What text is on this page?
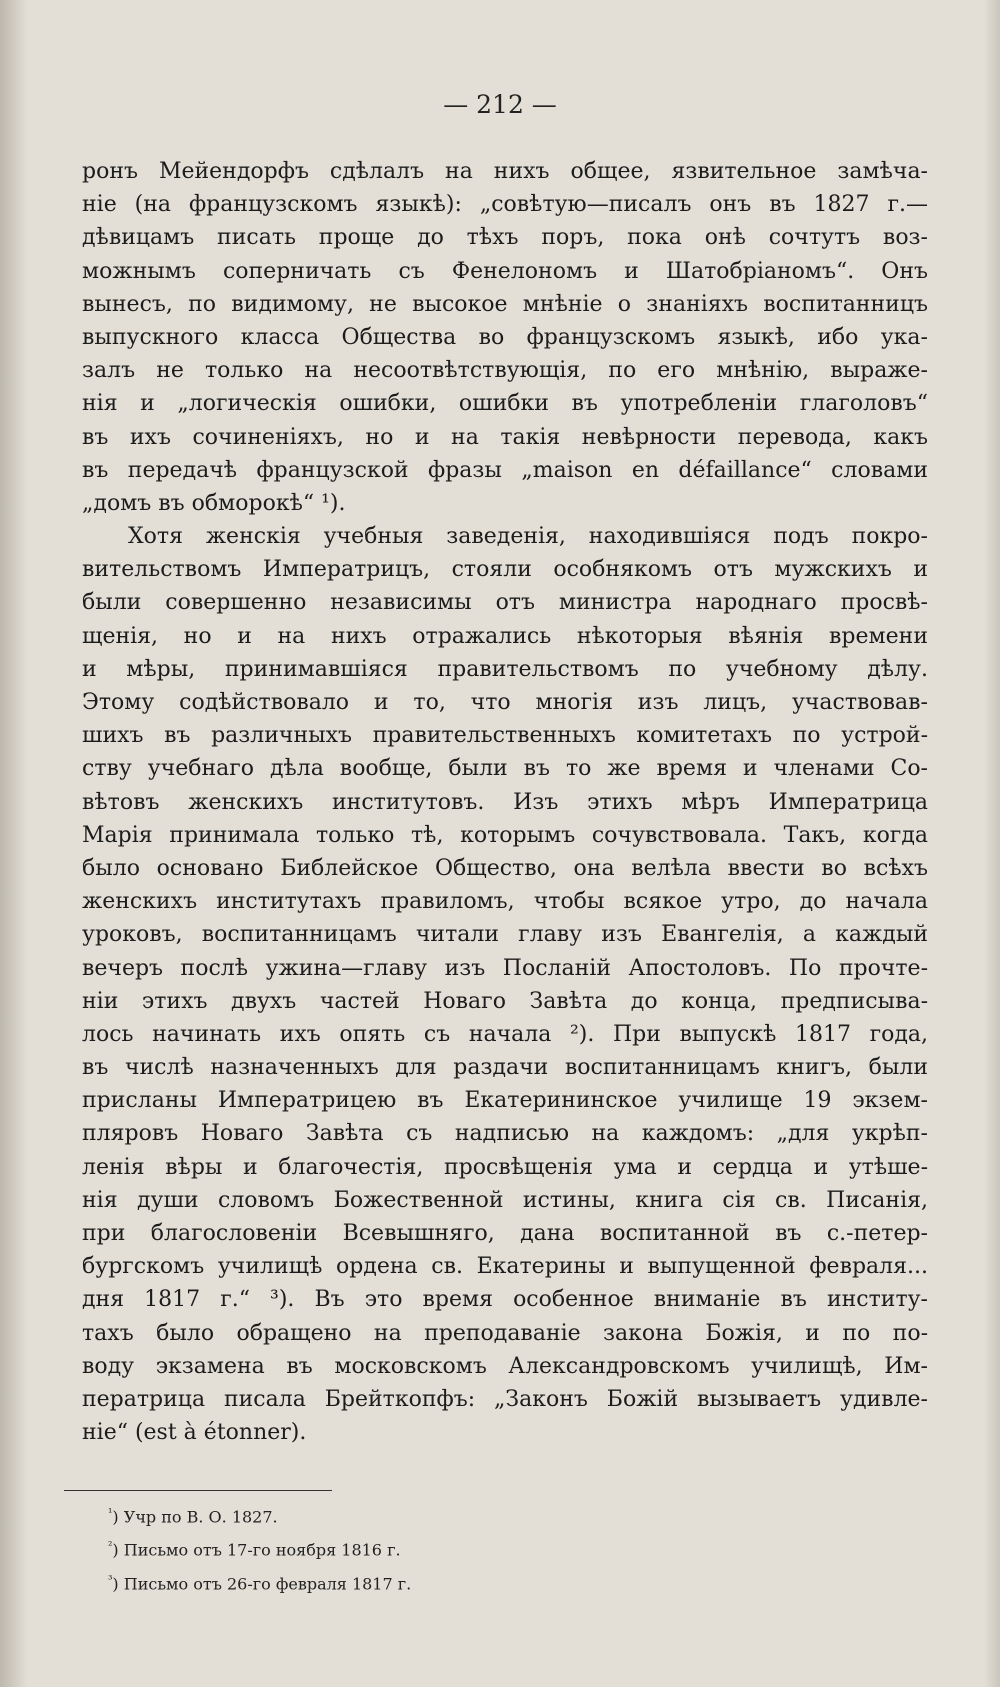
— 212 —
ронъ Мейендорфъ сдѣлалъ на нихъ общее, язвительное замѣча-
ніе (на французскомъ языкѣ): „совѣтую—писалъ онъ въ 1827 г.—
дѣвицамъ писать проще до тѣхъ поръ, пока онѣ сочтутъ воз-
можнымъ соперничать съ Фенелономъ и Шатобріаномъ“. Онъ
вынесъ, по видимому, не высокое мнѣніе о знаніяхъ воспитанницъ
выпускного класса Общества во французскомъ языкѣ, ибо ука-
залъ не только на несоотвѣтствующія, по его мнѣнію, выраже-
нія и „логическія ошибки, ошибки въ употребленіи глаголовъ“
въ ихъ сочиненіяхъ, но и на такія невѣрности перевода, какъ
въ передачѣ французской фразы „maison en défaillance“ словами
„домъ въ обморокѣ“ ¹).
Хотя женскія учебныя заведенія, находившіяся подъ покро-
вительствомъ Императрицъ, стояли особнякомъ отъ мужскихъ и
были совершенно независимы отъ министра народнаго просвѣ-
щенія, но и на нихъ отражались нѣкоторыя вѣянія времени
и мѣры, принимавшіяся правительствомъ по учебному дѣлу.
Этому содѣйствовало и то, что многія изъ лицъ, участвовав-
шихъ въ различныхъ правительственныхъ комитетахъ по устрой-
ству учебнаго дѣла вообще, были въ то же время и членами Со-
вѣтовъ женскихъ институтовъ. Изъ этихъ мѣръ Императрица
Марія принимала только тѣ, которымъ сочувствовала. Такъ, когда
было основано Библейское Общество, она велѣла ввести во всѣхъ
женскихъ институтахъ правиломъ, чтобы всякое утро, до начала
уроковъ, воспитанницамъ читали главу изъ Евангелія, а каждый
вечеръ послѣ ужина—главу изъ Посланій Апостоловъ. По прочте-
ніи этихъ двухъ частей Новаго Завѣта до конца, предписыва-
лось начинать ихъ опять съ начала ²). При выпускѣ 1817 года,
въ числѣ назначенныхъ для раздачи воспитанницамъ книгъ, были
присланы Императрицею въ Екатерининское училище 19 экзем-
пляровъ Новаго Завѣта съ надписью на каждомъ: „для укрѣп-
ленія вѣры и благочестія, просвѣщенія ума и сердца и утѣше-
нія души словомъ Божественной истины, книга сія св. Писанія,
при благословеніи Всевышняго, дана воспитанной въ с.-петер-
бургскомъ училищѣ ордена св. Екатерины и выпущенной февраля...
дня 1817 г.“ ³). Въ это время особенное вниманіе въ институ-
тахъ было обращено на преподаваніе закона Божія, и по по-
воду экзамена въ московскомъ Александровскомъ училищѣ, Им-
ператрица писала Брейткопфъ: „Законъ Божій вызываетъ удивле-
ніе“ (est à étonner).
$^{^1}$) Учр по В. О. 1827.
$^{^2}$) Письмо отъ 17-го ноября 1816 г.
$^{^3}$) Письмо отъ 26-го февраля 1817 г.
